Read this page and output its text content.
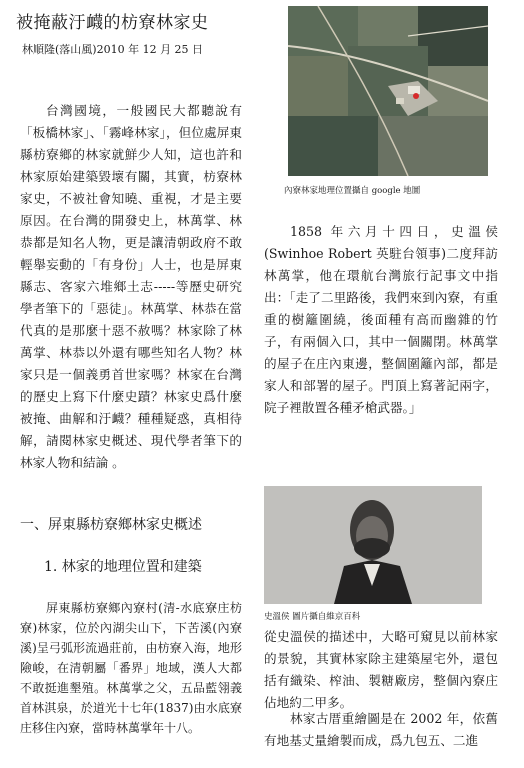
被掩蔽汙衊的枋寮林家史
林順隆(落山風)2010 年 12 月 25 日

台灣國境，一般國民大都聽說有「板橋林家」、「霧峰林家」，但位處屏東縣枋寮鄉的林家就鮮少人知，這也許和林家原始建築毀壞有關，其實，枋寮林家史，不被社會知曉、重視，才是主要原因。在台灣的開發史上，林萬掌、林恭都是知名人物，更是讓清朝政府不敢輕舉妄動的「有身份」人士，也是屏東縣志、客家六堆鄉土志-----等歷史研究學者筆下的「惡徒」。林萬掌、林恭在當代真的是那麼十惡不赦嗎？林家除了林萬掌、林恭以外還有哪些知名人物？林家只是一個義勇首世家嗎？林家在台灣的歷史上寫下什麼史蹟？林家史爲什麼被掩、曲解和汙衊？種種疑惑，真相待解，請閱林家史概述、現代學者筆下的林家人物和結論 。

內寮林家地理位置攝自 google 地圖

1858 年六月十四日，史溫侯(Swinhoe Robert 英駐台領事)二度拜訪林萬掌，他在環航台灣旅行記事文中指出：「走了二里路後，我們來到內寮，有重重的樹籬圍繞，後面種有高而幽雜的竹子，有兩個入口，其中一個關閉。林萬掌的屋子在庄內東邊，整個圍籬內部，都是家人和部署的屋子。門頂上寫著記兩字，院子裡散置各種矛槍武器。」

一、屏東縣枋寮鄉林家史概述
1. 林家的地理位置和建築

屏東縣枋寮鄉內寮村(清-水底寮庄枋寮)林家，位於內湖尖山下，下苦溪(內寮溪)呈弓弧形流過莊前，由枋寮入海，地形險峻，在清朝屬「番界」地域，漢人大都不敢挺進墾殖。林萬掌之父，五品藍翎義首林淇泉，於道光十七年(1837)由水底寮庄移住內寮，當時林萬掌年十八。

史溫侯 圖片攝自維京百科

從史溫侯的描述中，大略可窺見以前林家的景貌，其實林家除主建築屋宅外，還包括有織染、榨油、製糖廠房，整個內寮庄佔地約二甲多。

林家古厝重繪圖是在 2002 年，依舊有地基丈量繪製而成，爲九包五、二進
